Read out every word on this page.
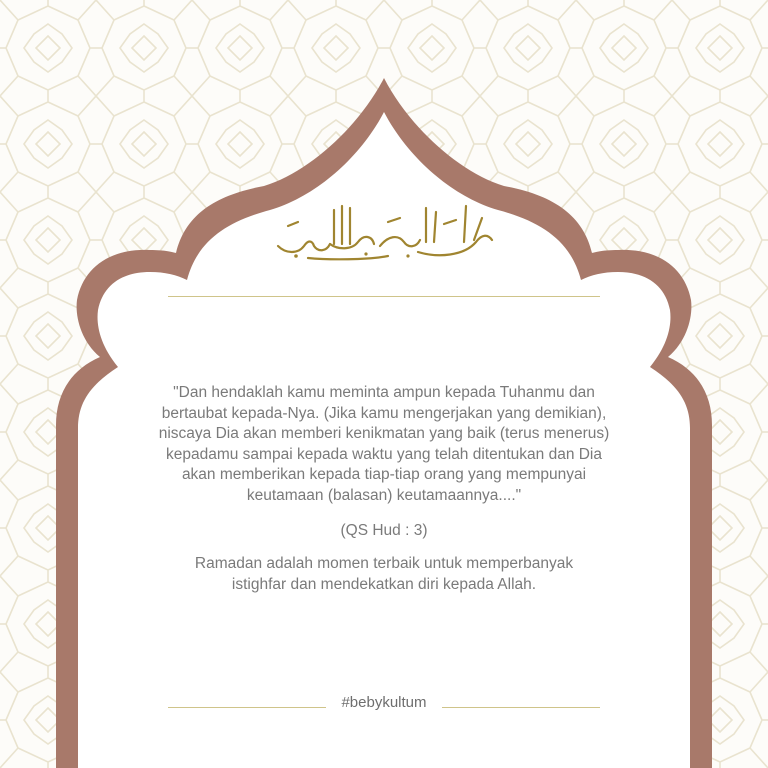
"Dan hendaklah kamu meminta ampun kepada Tuhanmu dan
bertaubat kepada-Nya. (Jika kamu mengerjakan yang demikian),
niscaya Dia akan memberi kenikmatan yang baik (terus menerus)
kepadamu sampai kepada waktu yang telah ditentukan dan Dia
akan memberikan kepada tiap-tiap orang yang mempunyai
keutamaan (balasan) keutamaannya...."

(QS Hud : 3)

Ramadan adalah momen terbaik untuk memperbanyak
istighfar dan mendekatkan diri kepada Allah.

#bebykultum
